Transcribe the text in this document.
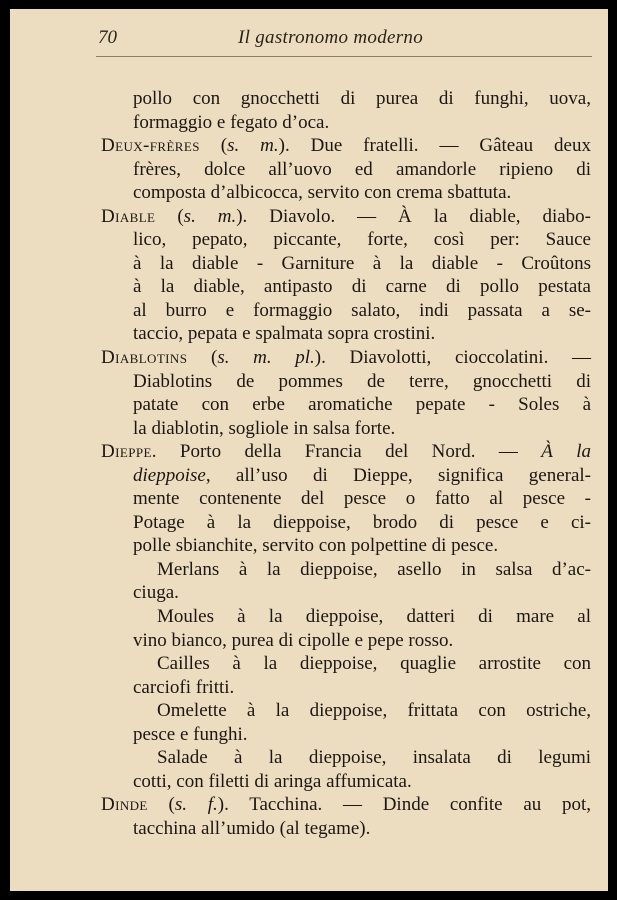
70	Il gastronomo moderno
pollo con gnocchetti di purea di funghi, uova,
formaggio e fegato d’oca.
Deux-frères (s. m.). Due fratelli. — Gâteau deux
frères, dolce all’uovo ed amandorle ripieno di
composta d’albicocca, servito con crema sbattuta.
Diable (s. m.). Diavolo. — À la diable, diabo-
lico, pepato, piccante, forte, così per: Sauce
à la diable - Garniture à la diable - Croûtons
à la diable, antipasto di carne di pollo pestata
al burro e formaggio salato, indi passata a se-
taccio, pepata e spalmata sopra crostini.
Diablotins (s. m. pl.). Diavolotti, cioccolatini. —
Diablotins de pommes de terre, gnocchetti di
patate con erbe aromatiche pepate - Soles à
la diablotin, sogliole in salsa forte.
Dieppe. Porto della Francia del Nord. — À la
dieppoise, all’uso di Dieppe, significa general-
mente contenente del pesce o fatto al pesce -
Potage à la dieppoise, brodo di pesce e ci-
polle sbianchite, servito con polpettine di pesce.
Merlans à la dieppoise, asello in salsa d’ac-
ciuga.
Moules à la dieppoise, datteri di mare al
vino bianco, purea di cipolle e pepe rosso.
Cailles à la dieppoise, quaglie arrostite con
carciofi fritti.
Omelette à la dieppoise, frittata con ostriche,
pesce e funghi.
Salade à la dieppoise, insalata di legumi
cotti, con filetti di aringa affumicata.
Dinde (s. f.). Tacchina. — Dinde confite au pot,
tacchina all’umido (al tegame).
